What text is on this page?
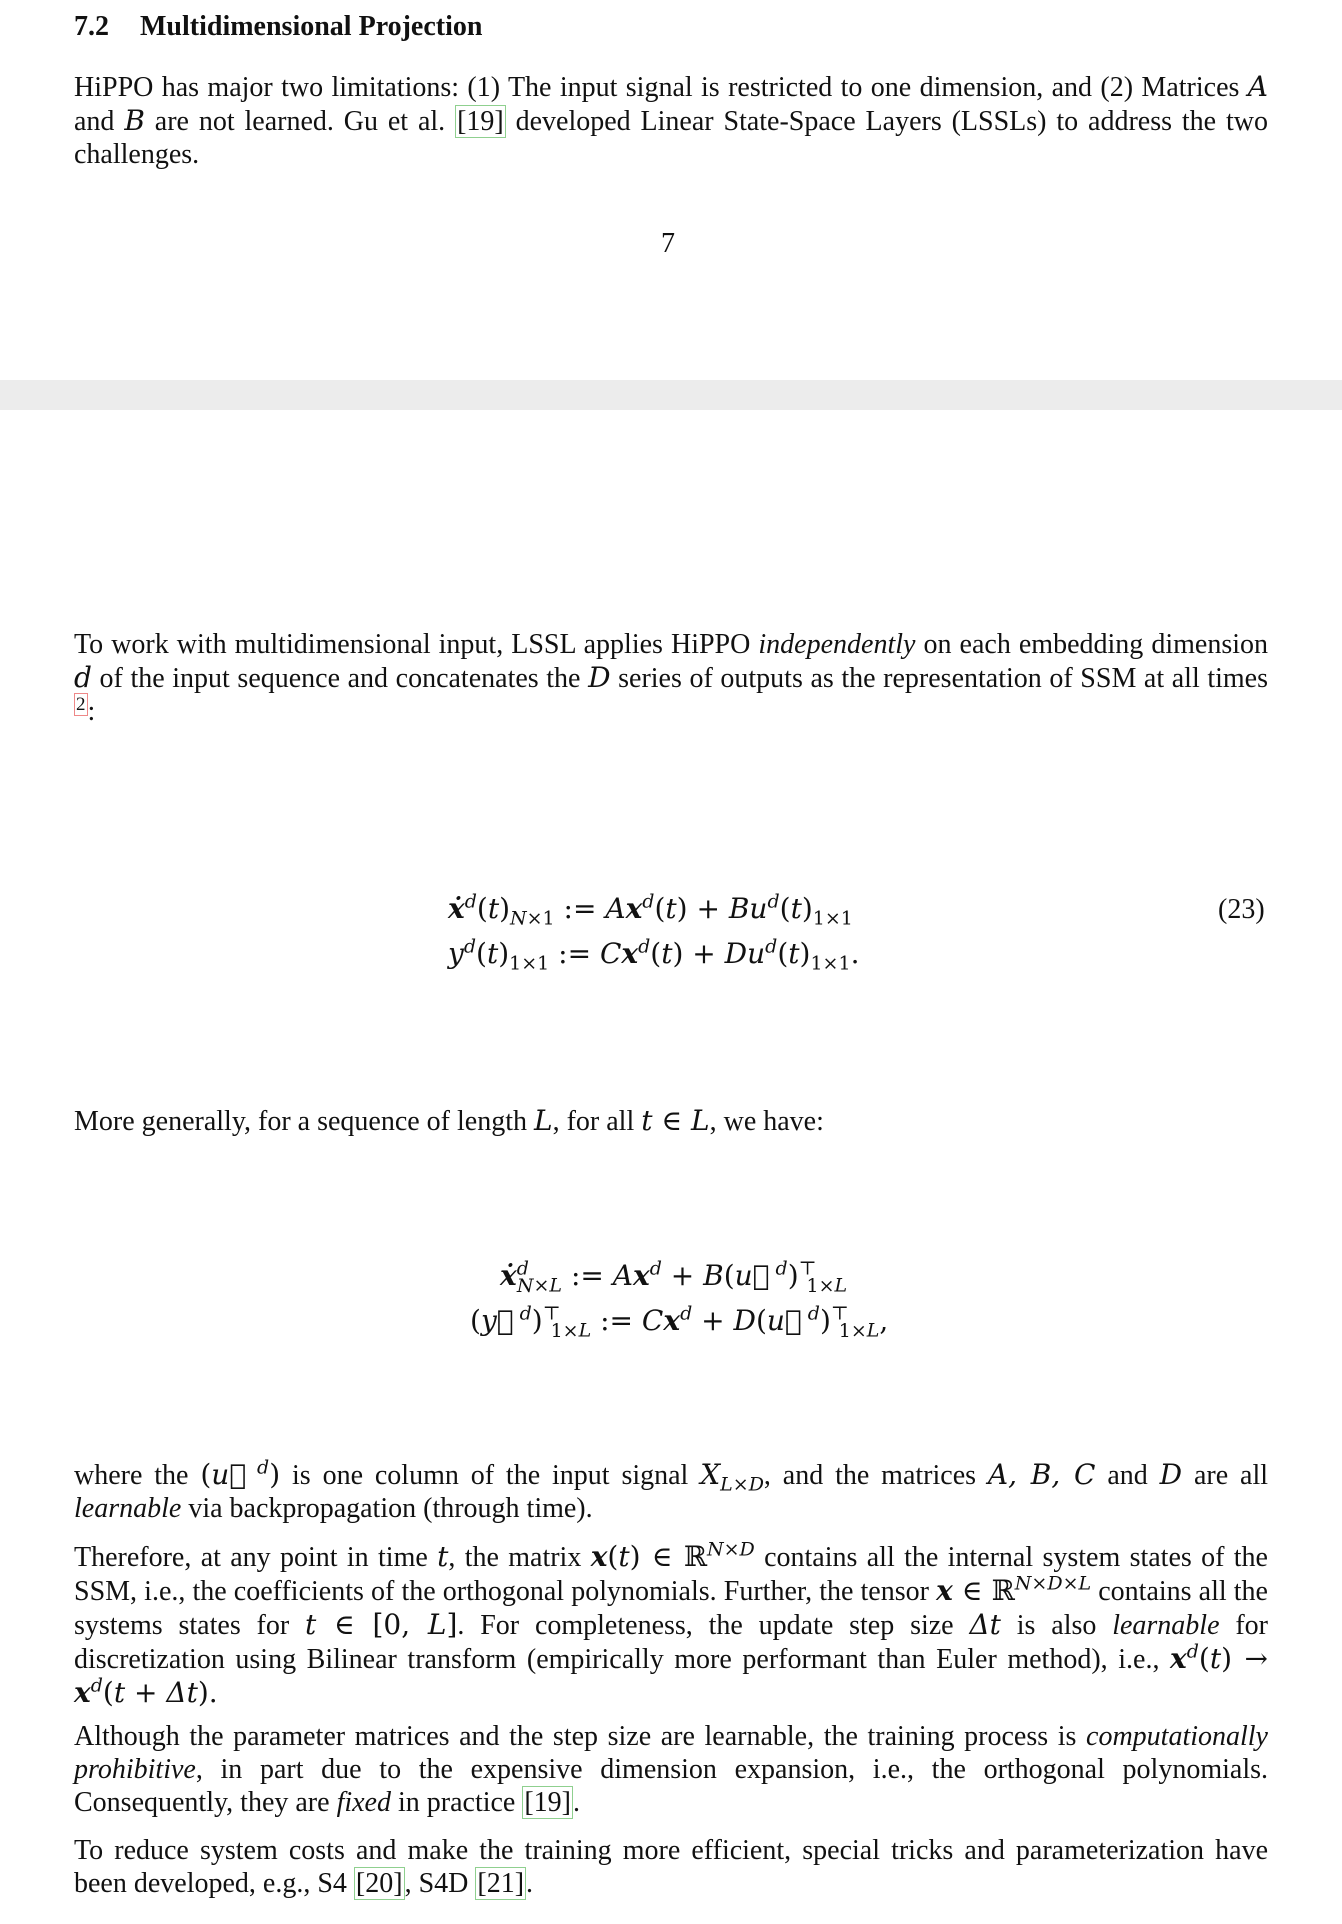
7.2 Multidimensional Projection
HiPPO has major two limitations: (1) The input signal is restricted to one dimension, and (2) Matrices A and B are not learned. Gu et al. [19] developed Linear State-Space Layers (LSSLs) to address the two challenges.
7
To work with multidimensional input, LSSL applies HiPPO independently on each embedding dimension d of the input sequence and concatenates the D series of outputs as the representation of SSM at all times $^2$:
$ẋ^d(t)_{N\times 1}$ := $Ax^d(t) + Bu^d(t)_{1\times 1}$
$y^d(t)_{1\times 1}$ := $Cx^d(t) + Du^d(t)_{1\times 1}$.
(23)
More generally, for a sequence of length L, for all t ∈ L, we have:
ẋ$^d_{N\times L}$ := $Ax^d$ + B(u⃗ $^d)^⊤_{1\times L}$
(y⃗ $^d)^⊤_{1\times L}$ := $Cx^d$ + D(u⃗ $^d)^⊤_{1\times L}$,
where the (u⃗ $^d$) is one column of the input signal $X_{L\times D}$, and the matrices A, B, C and D are all learnable via backpropagation (through time).
Therefore, at any point in time t, the matrix x(t) ∈ ℝ$^{N\times D}$ contains all the internal system states of the SSM, i.e., the coefficients of the orthogonal polynomials. Further, the tensor x ∈ ℝ$^{N\times D\times L}$ contains all the systems states for t ∈ [0, L]. For completeness, the update step size Δt is also learnable for discretization using Bilinear transform (empirically more performant than Euler method), i.e., $x^d(t) \to x^d(t + \Delta t)$.
Although the parameter matrices and the step size are learnable, the training process is computationally prohibitive, in part due to the expensive dimension expansion, i.e., the orthogonal polynomials. Consequently, they are fixed in practice [19].
To reduce system costs and make the training more efficient, special tricks and parameterization have been developed, e.g., S4 [20], S4D [21].
